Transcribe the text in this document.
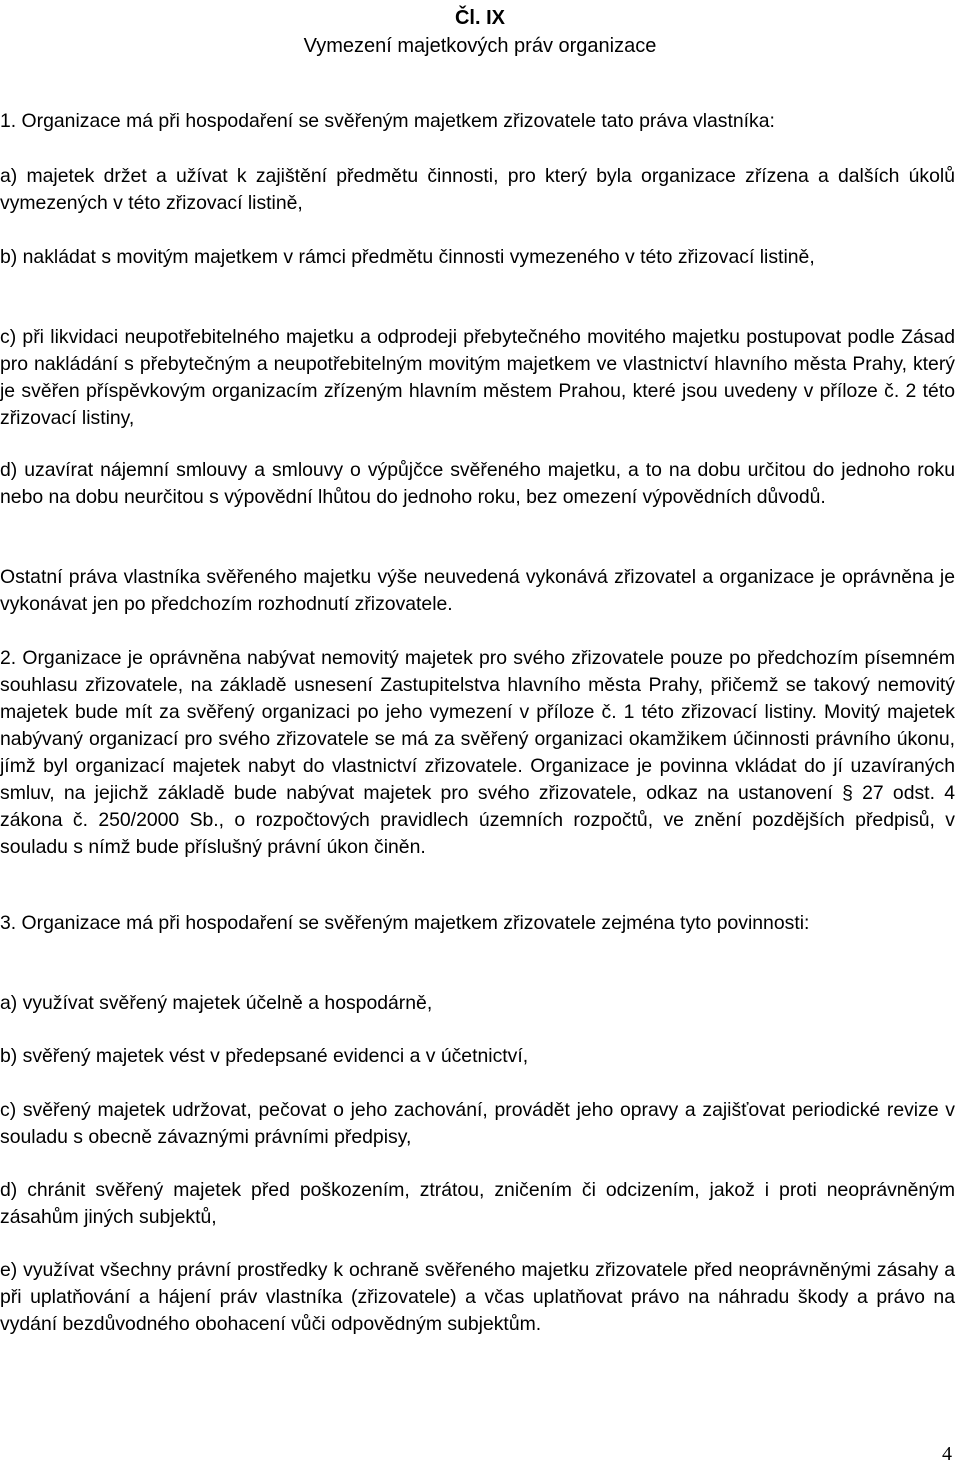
Čl. IX
Vymezení majetkových práv organizace

1. Organizace má při hospodaření se svěřeným majetkem zřizovatele tato práva vlastníka:

a) majetek držet a užívat k zajištění předmětu činnosti, pro který byla organizace zřízena a dalších úkolů vymezených v této zřizovací listině,

b) nakládat s movitým majetkem v rámci předmětu činnosti vymezeného v této zřizovací listině,

c) při likvidaci neupotřebitelného majetku a odprodeji přebytečného movitého majetku postupovat podle Zásad pro nakládání s přebytečným a neupotřebitelným movitým majetkem ve vlastnictví hlavního města Prahy, který je svěřen příspěvkovým organizacím zřízeným hlavním městem Prahou, které jsou uvedeny v příloze č. 2 této zřizovací listiny,

d) uzavírat nájemní smlouvy a smlouvy o výpůjčce svěřeného majetku, a to na dobu určitou do jednoho roku nebo na dobu neurčitou s výpovědní lhůtou do jednoho roku, bez omezení výpovědních důvodů.

Ostatní práva vlastníka svěřeného majetku výše neuvedená vykonává zřizovatel a organizace je oprávněna je vykonávat jen po předchozím rozhodnutí zřizovatele.

2. Organizace je oprávněna nabývat nemovitý majetek pro svého zřizovatele pouze po předchozím písemném souhlasu zřizovatele, na základě usnesení Zastupitelstva hlavního města Prahy, přičemž se takový nemovitý majetek bude mít za svěřený organizaci po jeho vymezení v příloze č. 1 této zřizovací listiny. Movitý majetek nabývaný organizací pro svého zřizovatele se má za svěřený organizaci okamžikem účinnosti právního úkonu, jímž byl organizací majetek nabyt do vlastnictví zřizovatele. Organizace je povinna vkládat do jí uzavíraných smluv, na jejichž základě bude nabývat majetek pro svého zřizovatele, odkaz na ustanovení § 27 odst. 4 zákona č. 250/2000 Sb., o rozpočtových pravidlech územních rozpočtů, ve znění pozdějších předpisů, v souladu s nímž bude příslušný právní úkon činěn.

3. Organizace má při hospodaření se svěřeným majetkem zřizovatele zejména tyto povinnosti:

a) využívat svěřený majetek účelně a hospodárně,

b) svěřený majetek vést v předepsané evidenci a v účetnictví,

c) svěřený majetek udržovat, pečovat o jeho zachování, provádět jeho opravy a zajišťovat periodické revize v souladu s obecně závaznými právními předpisy,

d) chránit svěřený majetek před poškozením, ztrátou, zničením či odcizením, jakož i proti neoprávněným zásahům jiných subjektů,

e) využívat všechny právní prostředky k ochraně svěřeného majetku zřizovatele před neoprávněnými zásahy a při uplatňování a hájení práv vlastníka (zřizovatele) a včas uplatňovat právo na náhradu škody a právo na vydání bezdůvodného obohacení vůči odpovědným subjektům.

4
